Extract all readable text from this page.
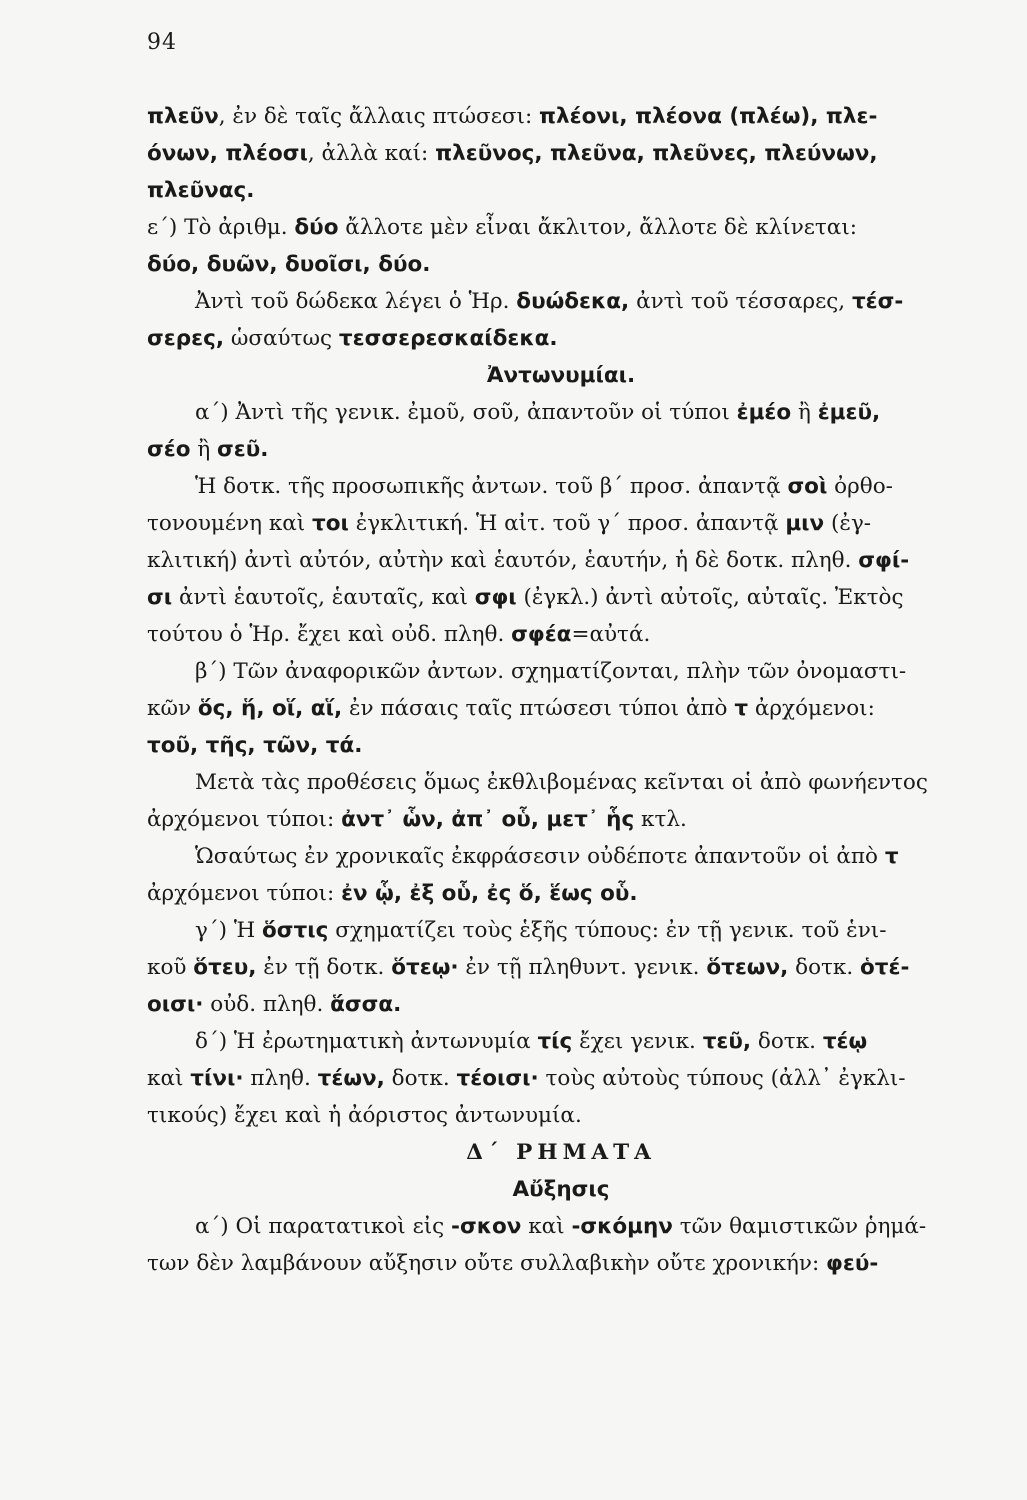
94

πλεῦν, ἐν δὲ ταῖς ἄλλαις πτώσεσι: πλέονι, πλέονα (πλέω), πλε-

όνων, πλέοσι, ἀλλὰ καί: πλεῦνος, πλεῦνα, πλεῦνες, πλεύνων,

πλεῦνας.

ε΄) Τὸ ἀριθμ. δύο ἄλλοτε μὲν εἶναι ἄκλιτον, ἄλλοτε δὲ κλίνεται:

δύο, δυῶν, δυοῖσι, δύο.

Ἀντὶ τοῦ δώδεκα λέγει ὁ Ἡρ. δυώδεκα, ἀντὶ τοῦ τέσσαρες, τέσ-

σερες, ὡσαύτως τεσσερεσκαίδεκα.

Ἀντωνυμίαι.

α΄) Ἀντὶ τῆς γενικ. ἐμοῦ, σοῦ, ἀπαντοῦν οἱ τύποι ἐμέο ἢ ἐμεῦ,

σέο ἢ σεῦ.

Ἡ δοτκ. τῆς προσωπικῆς ἀντων. τοῦ β΄ προσ. ἀπαντᾷ σοὶ ὀρθο-

τονουμένη καὶ τοι ἐγκλιτική. Ἡ αἰτ. τοῦ γ΄ προσ. ἀπαντᾷ μιν (ἐγ-

κλιτική) ἀντὶ αὐτόν, αὐτὴν καὶ ἑαυτόν, ἑαυτήν, ἡ δὲ δοτκ. πληθ. σφί-

σι ἀντὶ ἑαυτοῖς, ἑαυταῖς, καὶ σφι (ἐγκλ.) ἀντὶ αὐτοῖς, αὐταῖς. Ἐκτὸς

τούτου ὁ Ἡρ. ἔχει καὶ οὐδ. πληθ. σφέα=αὐτά.

β΄) Τῶν ἀναφορικῶν ἀντων. σχηματίζονται, πλὴν τῶν ὀνομαστι-

κῶν ὅς, ἥ, οἵ, αἵ, ἐν πάσαις ταῖς πτώσεσι τύποι ἀπὸ τ ἀρχόμενοι:

τοῦ, τῆς, τῶν, τά.

Μετὰ τὰς προθέσεις ὅμως ἐκθλιβομένας κεῖνται οἱ ἀπὸ φωνήεντος

ἀρχόμενοι τύποι: ἀντ᾽ ὧν, ἀπ᾽ οὗ, μετ᾽ ἧς κτλ.

Ὡσαύτως ἐν χρονικαῖς ἐκφράσεσιν οὐδέποτε ἀπαντοῦν οἱ ἀπὸ τ

ἀρχόμενοι τύποι: ἐν ᾧ, ἐξ οὗ, ἐς ὅ, ἕως οὗ.

γ΄) Ἡ ὅστις σχηματίζει τοὺς ἑξῆς τύπους: ἐν τῇ γενικ. τοῦ ἑνι-

κοῦ ὅτευ, ἐν τῇ δοτκ. ὅτεῳ· ἐν τῇ πληθυντ. γενικ. ὅτεων, δοτκ. ὁτέ-

οισι· οὐδ. πληθ. ἅσσα.

δ΄) Ἡ ἐρωτηματικὴ ἀντωνυμία τίς ἔχει γενικ. τεῦ, δοτκ. τέῳ

καὶ τίνι· πληθ. τέων, δοτκ. τέοισι· τοὺς αὐτοὺς τύπους (ἀλλ᾽ ἐγκλι-

τικούς) ἔχει καὶ ἡ ἀόριστος ἀντωνυμία.

Δ΄ ΡΗΜΑΤΑ

Αὔξησις

α΄) Οἱ παρατατικοὶ εἰς -σκον καὶ -σκόμην τῶν θαμιστικῶν ῥημά-

των δὲν λαμβάνουν αὔξησιν οὔτε συλλαβικὴν οὔτε χρονικήν: φεύ-
